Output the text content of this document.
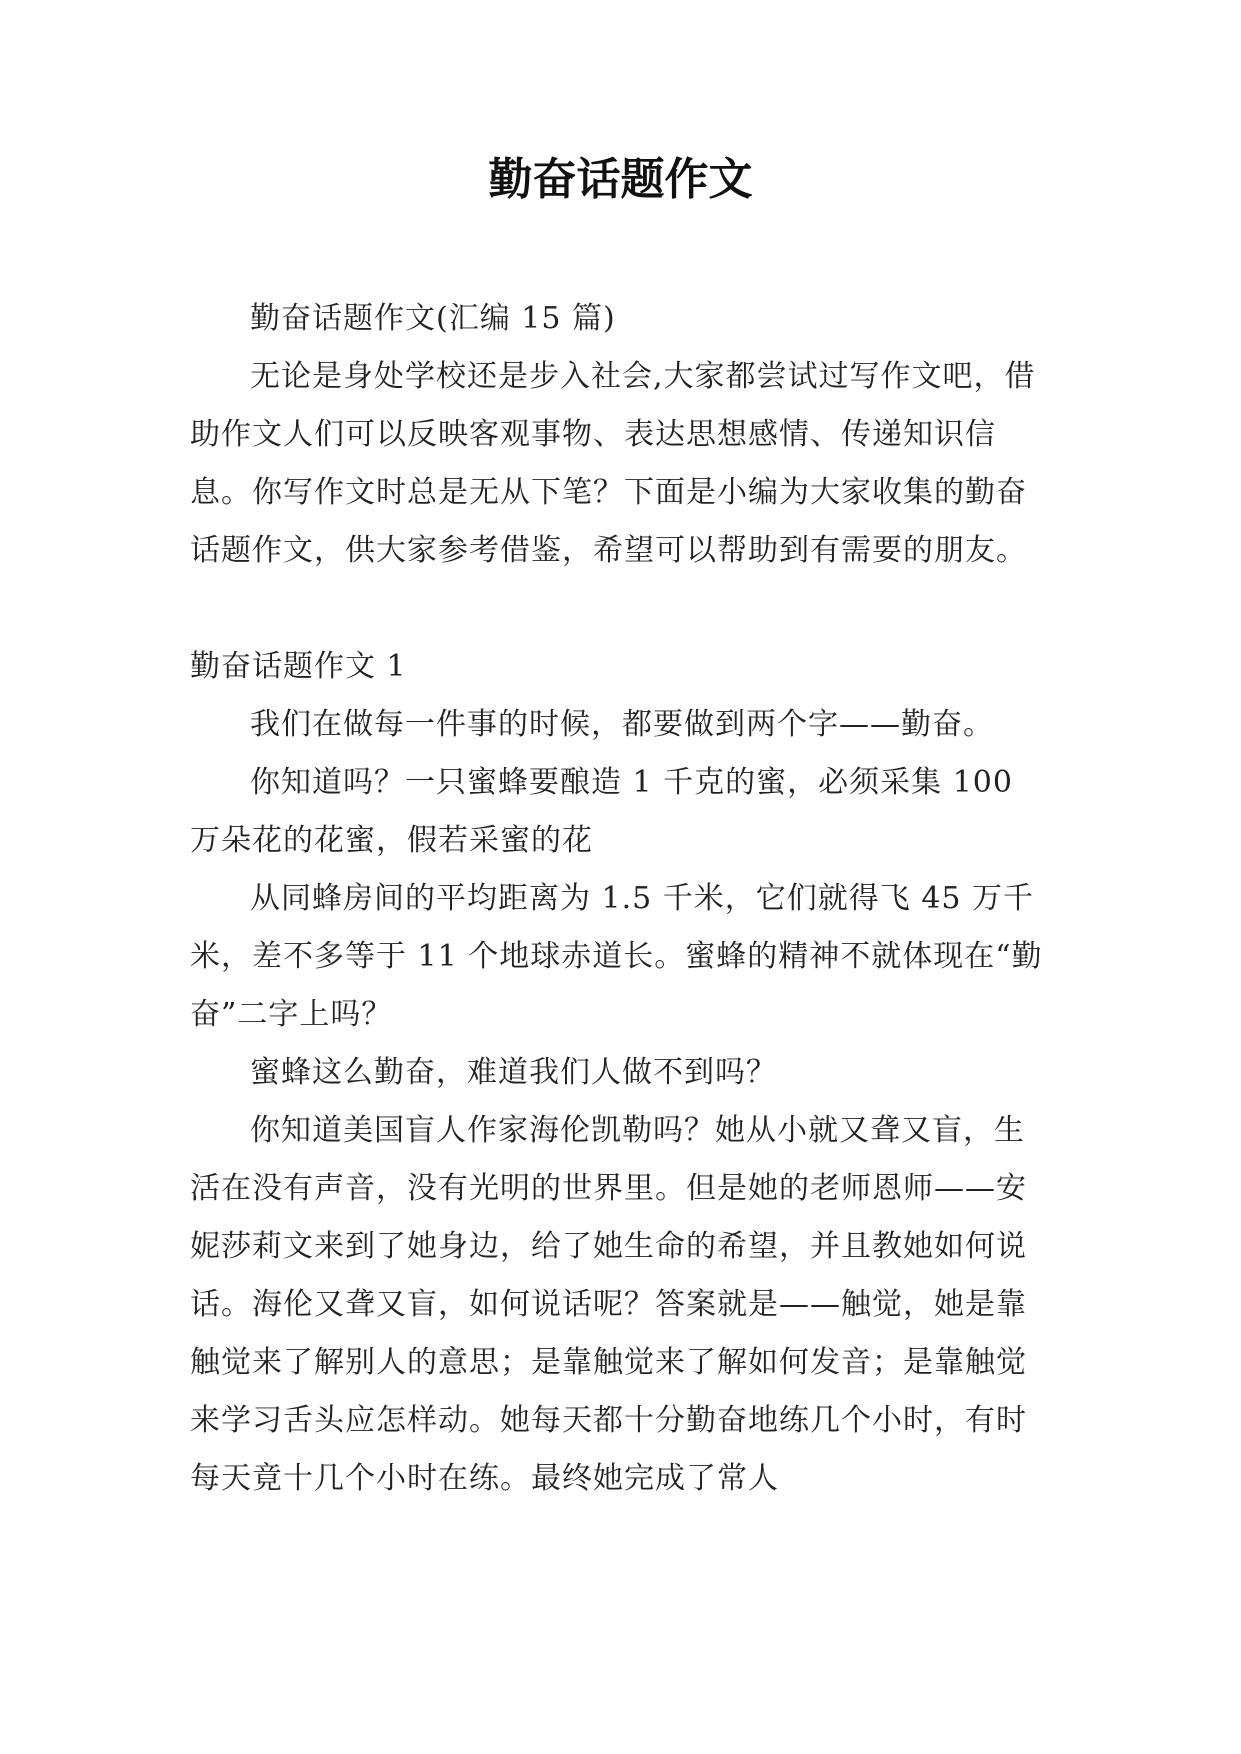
勤奋话题作文

勤奋话题作文(汇编 15 篇)

无论是身处学校还是步入社会,大家都尝试过写作文吧，借助作文人们可以反映客观事物、表达思想感情、传递知识信息。你写作文时总是无从下笔？下面是小编为大家收集的勤奋话题作文，供大家参考借鉴，希望可以帮助到有需要的朋友。

勤奋话题作文 1

我们在做每一件事的时候，都要做到两个字——勤奋。

你知道吗？一只蜜蜂要酿造 1 千克的蜜，必须采集 100 万朵花的花蜜，假若采蜜的花

从同蜂房间的平均距离为 1.5 千米，它们就得飞 45 万千米，差不多等于 11 个地球赤道长。蜜蜂的精神不就体现在“勤奋”二字上吗？

蜜蜂这么勤奋，难道我们人做不到吗？

你知道美国盲人作家海伦凯勒吗？她从小就又聋又盲，生活在没有声音，没有光明的世界里。但是她的老师恩师——安妮莎莉文来到了她身边，给了她生命的希望，并且教她如何说话。海伦又聋又盲，如何说话呢？答案就是——触觉，她是靠触觉来了解别人的意思；是靠触觉来了解如何发音；是靠触觉来学习舌头应怎样动。她每天都十分勤奋地练几个小时，有时每天竟十几个小时在练。最终她完成了常人
